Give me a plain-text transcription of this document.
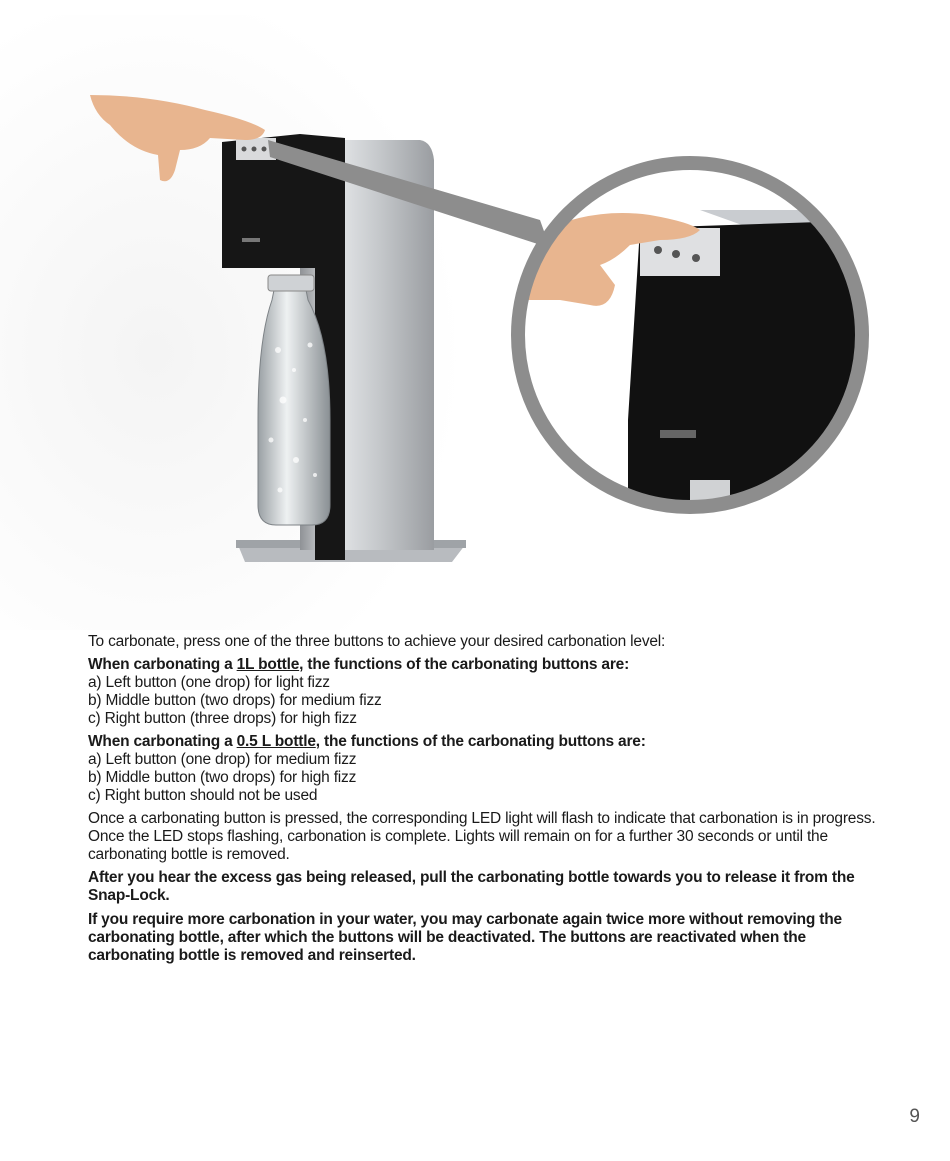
To carbonate, press one of the three buttons to achieve your desired carbonation level:

When carbonating a 1L bottle, the functions of the carbonating buttons are:

a) Left button (one drop) for light fizz

b) Middle button (two drops) for medium fizz

c) Right button (three drops) for high fizz

When carbonating a 0.5 L bottle, the functions of the carbonating buttons are:

a) Left button (one drop) for medium fizz

b) Middle button (two drops) for high fizz

c) Right button should not be used

Once a carbonating button is pressed, the corresponding LED light will flash to indicate that carbonation is in progress. Once the LED stops flashing, carbonation is complete. Lights will remain on for a further 30 seconds or until the carbonating bottle is removed.

After you hear the excess gas being released, pull the carbonating bottle towards you to release it from the Snap-Lock.

If you require more carbonation in your water, you may carbonate again twice more without removing the carbonating bottle, after which the buttons will be deactivated. The buttons are reactivated when the carbonating bottle is removed and reinserted.

9
